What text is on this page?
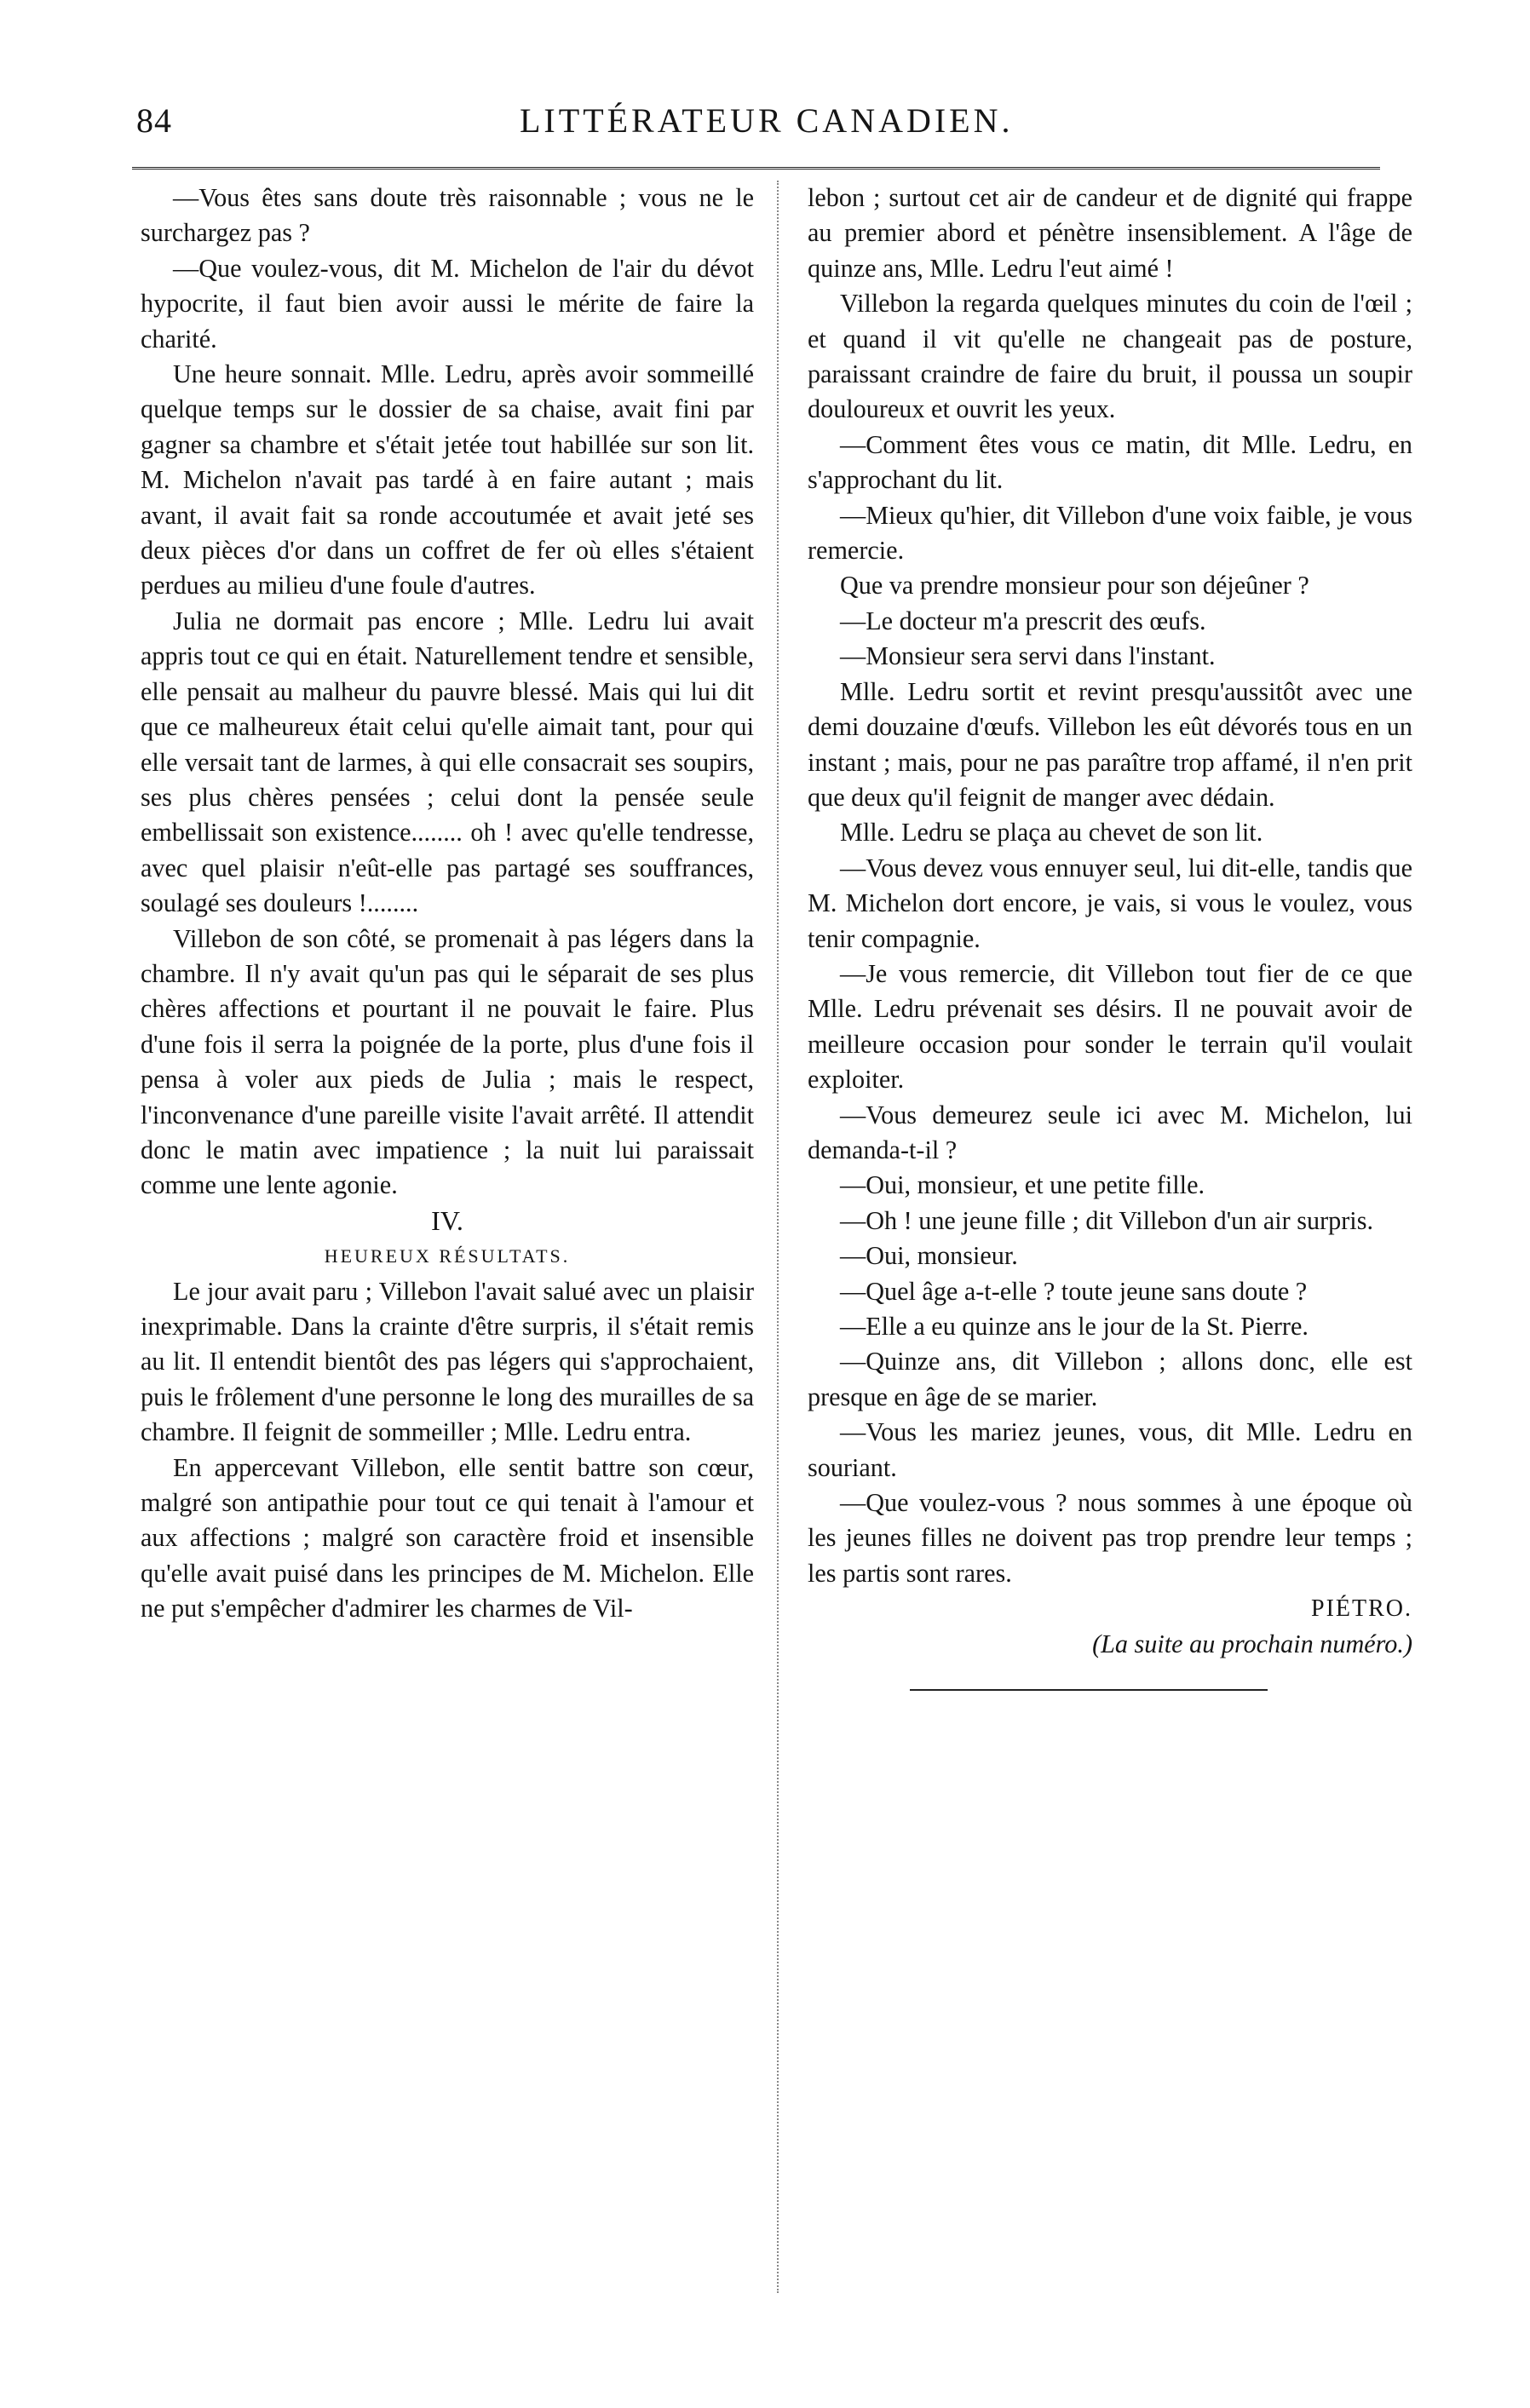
84	LITTÉRATEUR CANADIEN.

—Vous êtes sans doute très raisonnable ; vous ne le surchargez pas ?

—Que voulez-vous, dit M. Michelon de l'air du dévot hypocrite, il faut bien avoir aussi le mérite de faire la charité.

Une heure sonnait. Mlle. Ledru, après avoir sommeillé quelque temps sur le dossier de sa chaise, avait fini par gagner sa chambre et s'était jetée tout habillée sur son lit. M. Michelon n'avait pas tardé à en faire autant ; mais avant, il avait fait sa ronde accoutumée et avait jeté ses deux pièces d'or dans un coffret de fer où elles s'étaient perdues au milieu d'une foule d'autres.

Julia ne dormait pas encore ; Mlle. Ledru lui avait appris tout ce qui en était. Naturellement tendre et sensible, elle pensait au malheur du pauvre blessé. Mais qui lui dit que ce malheureux était celui qu'elle aimait tant, pour qui elle versait tant de larmes, à qui elle consacrait ses soupirs, ses plus chères pensées ; celui dont la pensée seule embellissait son existence........ oh ! avec qu'elle tendresse, avec quel plaisir n'eût-elle pas partagé ses souffrances, soulagé ses douleurs !........

Villebon de son côté, se promenait à pas légers dans la chambre. Il n'y avait qu'un pas qui le séparait de ses plus chères affections et pourtant il ne pouvait le faire. Plus d'une fois il serra la poignée de la porte, plus d'une fois il pensa à voler aux pieds de Julia ; mais le respect, l'inconvenance d'une pareille visite l'avait arrêté. Il attendit donc le matin avec impatience ; la nuit lui paraissait comme une lente agonie.

IV.

HEUREUX RÉSULTATS.

Le jour avait paru ; Villebon l'avait salué avec un plaisir inexprimable. Dans la crainte d'être surpris, il s'était remis au lit. Il entendit bientôt des pas légers qui s'approchaient, puis le frôlement d'une personne le long des murailles de sa chambre. Il feignit de sommeiller ; Mlle. Ledru entra.

En appercevant Villebon, elle sentit battre son cœur, malgré son antipathie pour tout ce qui tenait à l'amour et aux affections ; malgré son caractère froid et insensible qu'elle avait puisé dans les principes de M. Michelon. Elle ne put s'empêcher d'admirer les charmes de Vil-

lebon ; surtout cet air de candeur et de dignité qui frappe au premier abord et pénètre insensiblement. A l'âge de quinze ans, Mlle. Ledru l'eut aimé !

Villebon la regarda quelques minutes du coin de l'œil ; et quand il vit qu'elle ne changeait pas de posture, paraissant craindre de faire du bruit, il poussa un soupir douloureux et ouvrit les yeux.

—Comment êtes vous ce matin, dit Mlle. Ledru, en s'approchant du lit.

—Mieux qu'hier, dit Villebon d'une voix faible, je vous remercie.

Que va prendre monsieur pour son déjeûner ?

—Le docteur m'a prescrit des œufs.

—Monsieur sera servi dans l'instant.

Mlle. Ledru sortit et revint presqu'aussitôt avec une demi douzaine d'œufs. Villebon les eût dévorés tous en un instant ; mais, pour ne pas paraître trop affamé, il n'en prit que deux qu'il feignit de manger avec dédain.

Mlle. Ledru se plaça au chevet de son lit.

—Vous devez vous ennuyer seul, lui dit-elle, tandis que M. Michelon dort encore, je vais, si vous le voulez, vous tenir compagnie.

—Je vous remercie, dit Villebon tout fier de ce que Mlle. Ledru prévenait ses désirs. Il ne pouvait avoir de meilleure occasion pour sonder le terrain qu'il voulait exploiter.

—Vous demeurez seule ici avec M. Michelon, lui demanda-t-il ?

—Oui, monsieur, et une petite fille.

—Oh ! une jeune fille ; dit Villebon d'un air surpris.

—Oui, monsieur.

—Quel âge a-t-elle ? toute jeune sans doute ?

—Elle a eu quinze ans le jour de la St. Pierre.

—Quinze ans, dit Villebon ; allons donc, elle est presque en âge de se marier.

—Vous les mariez jeunes, vous, dit Mlle. Ledru en souriant.

—Que voulez-vous ? nous sommes à une époque où les jeunes filles ne doivent pas trop prendre leur temps ; les partis sont rares.

PIÉTRO.

(La suite au prochain numéro.)
